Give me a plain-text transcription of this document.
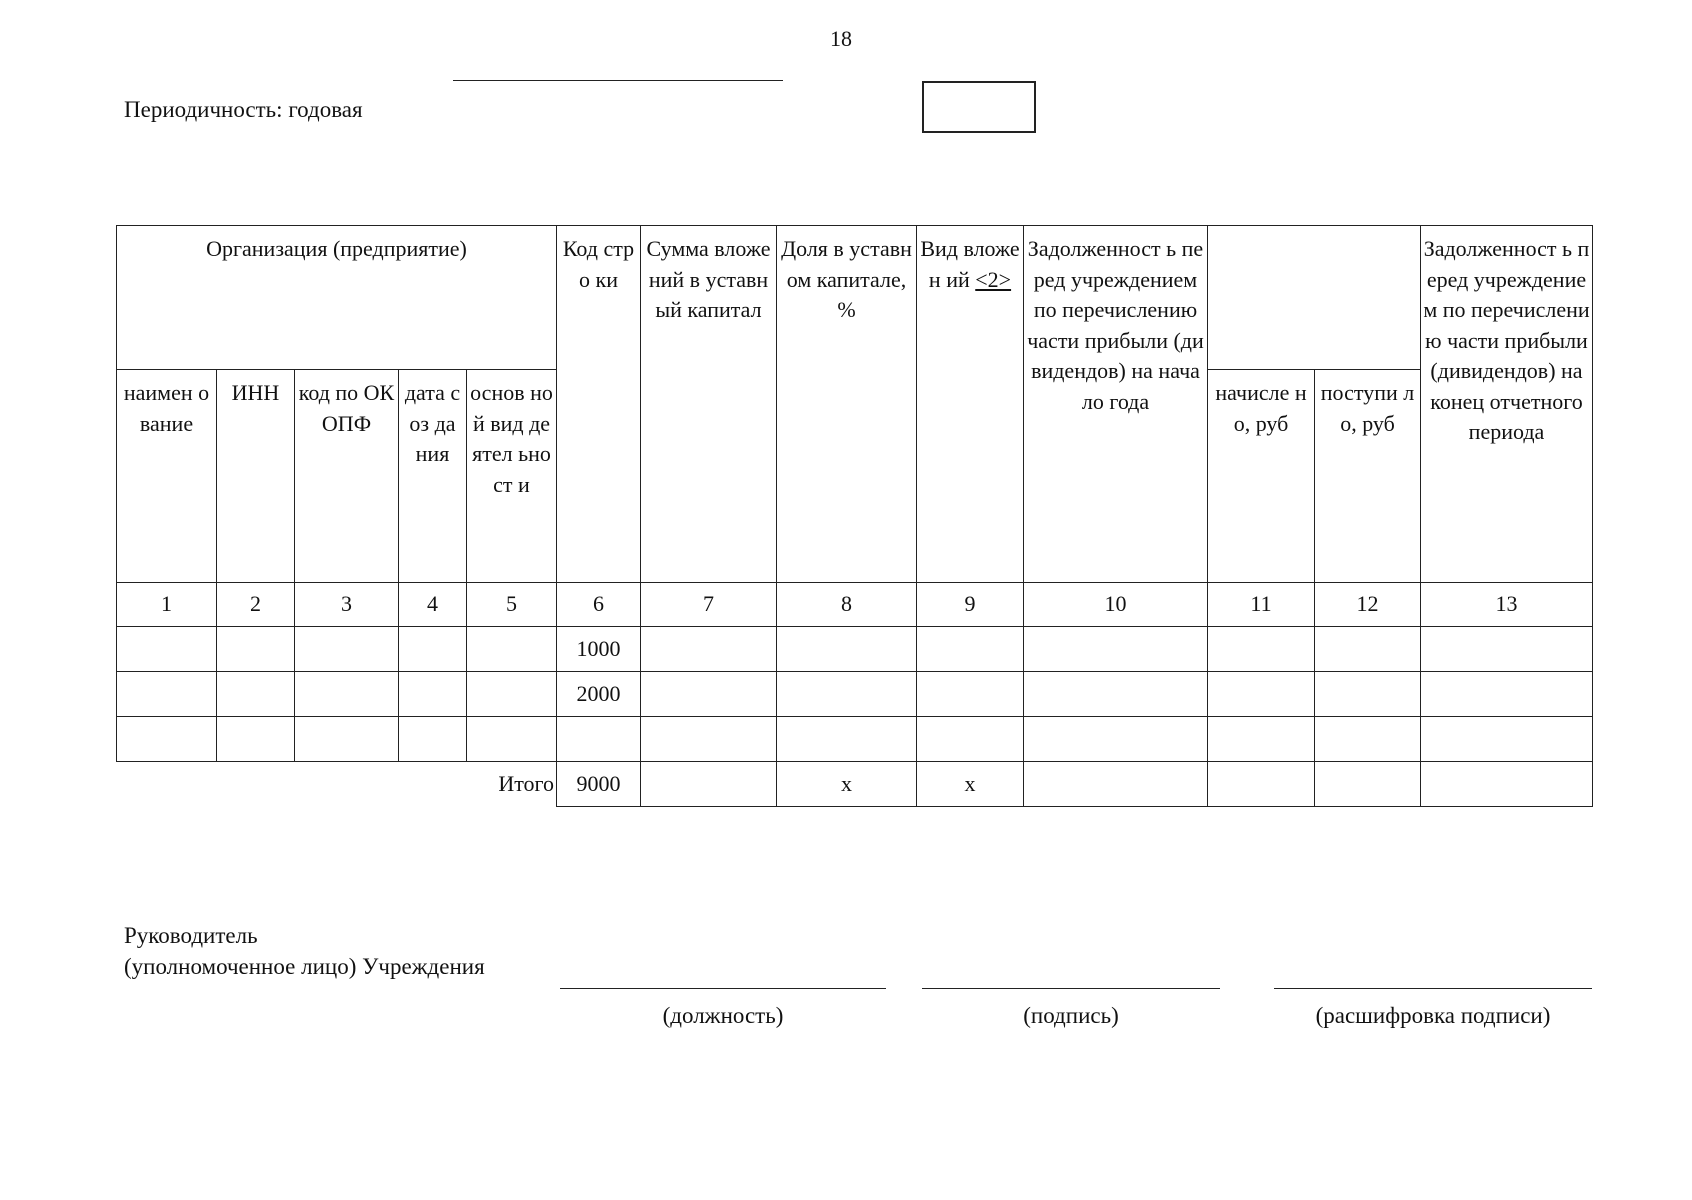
18
Периодичность: годовая
Организация (предприятие)					Код стро ки	Сумма вложений в уставный капитал	Доля в уставном капитале, %	Вид вложен ий <2>	Задолженност ь перед учреждением по перечислению части прибыли (дивидендов) на начало года			Задолженност ь перед учреждением по перечислени ю части прибыли (дивидендов) на конец отчетного периода
наимен ование	ИНН	код по ОКОПФ	дата соз да ния	основ ной вид деятел ьност и						начисле но, руб	поступи ло, руб	
1	2	3	4	5	6	7	8	9	10	11	12	13
					1000							
					2000							

Итого					9000		х	х				
Руководитель
(уполномоченное лицо) Учреждения
(должность)	(подпись)	(расшифровка подписи)
